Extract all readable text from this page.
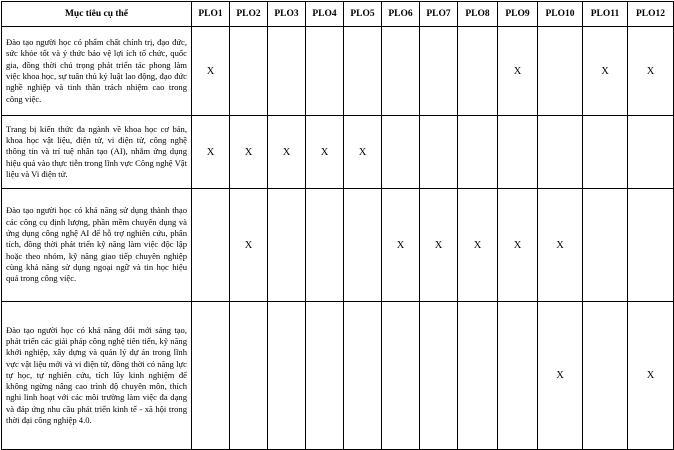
Mục tiêu cụ thể	PLO1	PLO2	PLO3	PLO4	PLO5	PLO6	PLO7	PLO8	PLO9	PLO10	PLO11	PLO12
Đào tạo người học có phẩm chất chính trị, đạo đức, sức khỏe tốt và ý thức bảo vệ lợi ích tổ chức, quốc gia, đồng thời chú trọng phát triển tác phong làm việc khoa học, sự tuân thủ kỷ luật lao động, đạo đức nghề nghiệp và tinh thần trách nhiệm cao trong công việc.	X								X		X	X
Trang bị kiến thức đa ngành về khoa học cơ bản, khoa học vật liệu, điện tử, vi điện tử, công nghệ thông tin và trí tuệ nhân tạo (AI), nhằm ứng dụng hiệu quả vào thực tiễn trong lĩnh vực Công nghệ Vật liệu và Vi điện tử.	X	X	X	X	X							
Đào tạo người học có khả năng sử dụng thành thạo các công cụ định lượng, phần mềm chuyên dụng và ứng dụng công nghệ AI để hỗ trợ nghiên cứu, phân tích, đồng thời phát triển kỹ năng làm việc độc lập hoặc theo nhóm, kỹ năng giao tiếp chuyên nghiệp cùng khả năng sử dụng ngoại ngữ và tin học hiệu quả trong công việc.		X				X	X	X	X	X		
Đào tạo người học có khả năng đổi mới sáng tạo, phát triển các giải pháp công nghệ tiên tiến, kỹ năng khởi nghiệp, xây dựng và quản lý dự án trong lĩnh vực vật liệu mới và vi điện tử, đồng thời có năng lực tự học, tự nghiên cứu, tích lũy kinh nghiệm để không ngừng nâng cao trình độ chuyên môn, thích nghi linh hoạt với các môi trường làm việc đa dạng và đáp ứng nhu cầu phát triển kinh tế - xã hội trong thời đại công nghiệp 4.0.										X		X
